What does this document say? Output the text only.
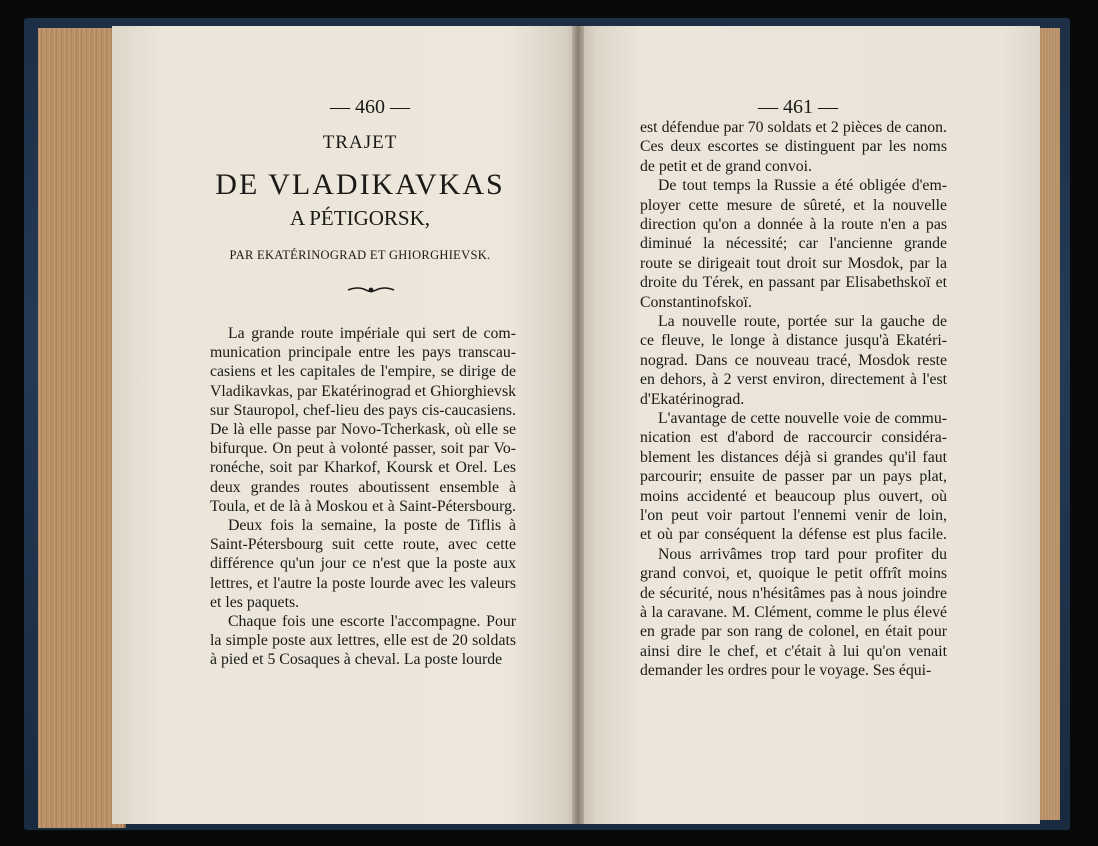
— 460 —
TRAJET
DE VLADIKAVKAS
A PÉTIGORSK,
PAR EKATÉRINOGRAD ET GHIORGHIEVSK.
La grande route impériale qui sert de com-
munication principale entre les pays transcau-
casiens et les capitales de l'empire, se dirige de
Vladikavkas, par Ekatérinograd et Ghiorghievsk
sur Stauropol, chef-lieu des pays cis-caucasiens.
De là elle passe par Novo-Tcherkask, où elle se
bifurque. On peut à volonté passer, soit par Vo-
ronéche, soit par Kharkof, Koursk et Orel. Les
deux grandes routes aboutissent ensemble à
Toula, et de là à Moskou et à Saint-Pétersbourg.
Deux fois la semaine, la poste de Tiflis à
Saint-Pétersbourg suit cette route, avec cette
différence qu'un jour ce n'est que la poste aux
lettres, et l'autre la poste lourde avec les valeurs
et les paquets.
Chaque fois une escorte l'accompagne. Pour
la simple poste aux lettres, elle est de 20 soldats
à pied et 5 Cosaques à cheval. La poste lourde
— 461 —
est défendue par 70 soldats et 2 pièces de canon.
Ces deux escortes se distinguent par les noms
de petit et de grand convoi.
De tout temps la Russie a été obligée d'em-
ployer cette mesure de sûreté, et la nouvelle
direction qu'on a donnée à la route n'en a pas
diminué la nécessité; car l'ancienne grande
route se dirigeait tout droit sur Mosdok, par la
droite du Térek, en passant par Elisabethskoï et
Constantinofskoï.
La nouvelle route, portée sur la gauche de
ce fleuve, le longe à distance jusqu'à Ekatéri-
nograd. Dans ce nouveau tracé, Mosdok reste
en dehors, à 2 verst environ, directement à l'est
d'Ekatérinograd.
L'avantage de cette nouvelle voie de commu-
nication est d'abord de raccourcir considéra-
blement les distances déjà si grandes qu'il faut
parcourir; ensuite de passer par un pays plat,
moins accidenté et beaucoup plus ouvert, où
l'on peut voir partout l'ennemi venir de loin,
et où par conséquent la défense est plus facile.
Nous arrivâmes trop tard pour profiter du
grand convoi, et, quoique le petit offrît moins
de sécurité, nous n'hésitâmes pas à nous joindre
à la caravane. M. Clément, comme le plus élevé
en grade par son rang de colonel, en était pour
ainsi dire le chef, et c'était à lui qu'on venait
demander les ordres pour le voyage. Ses équi-
